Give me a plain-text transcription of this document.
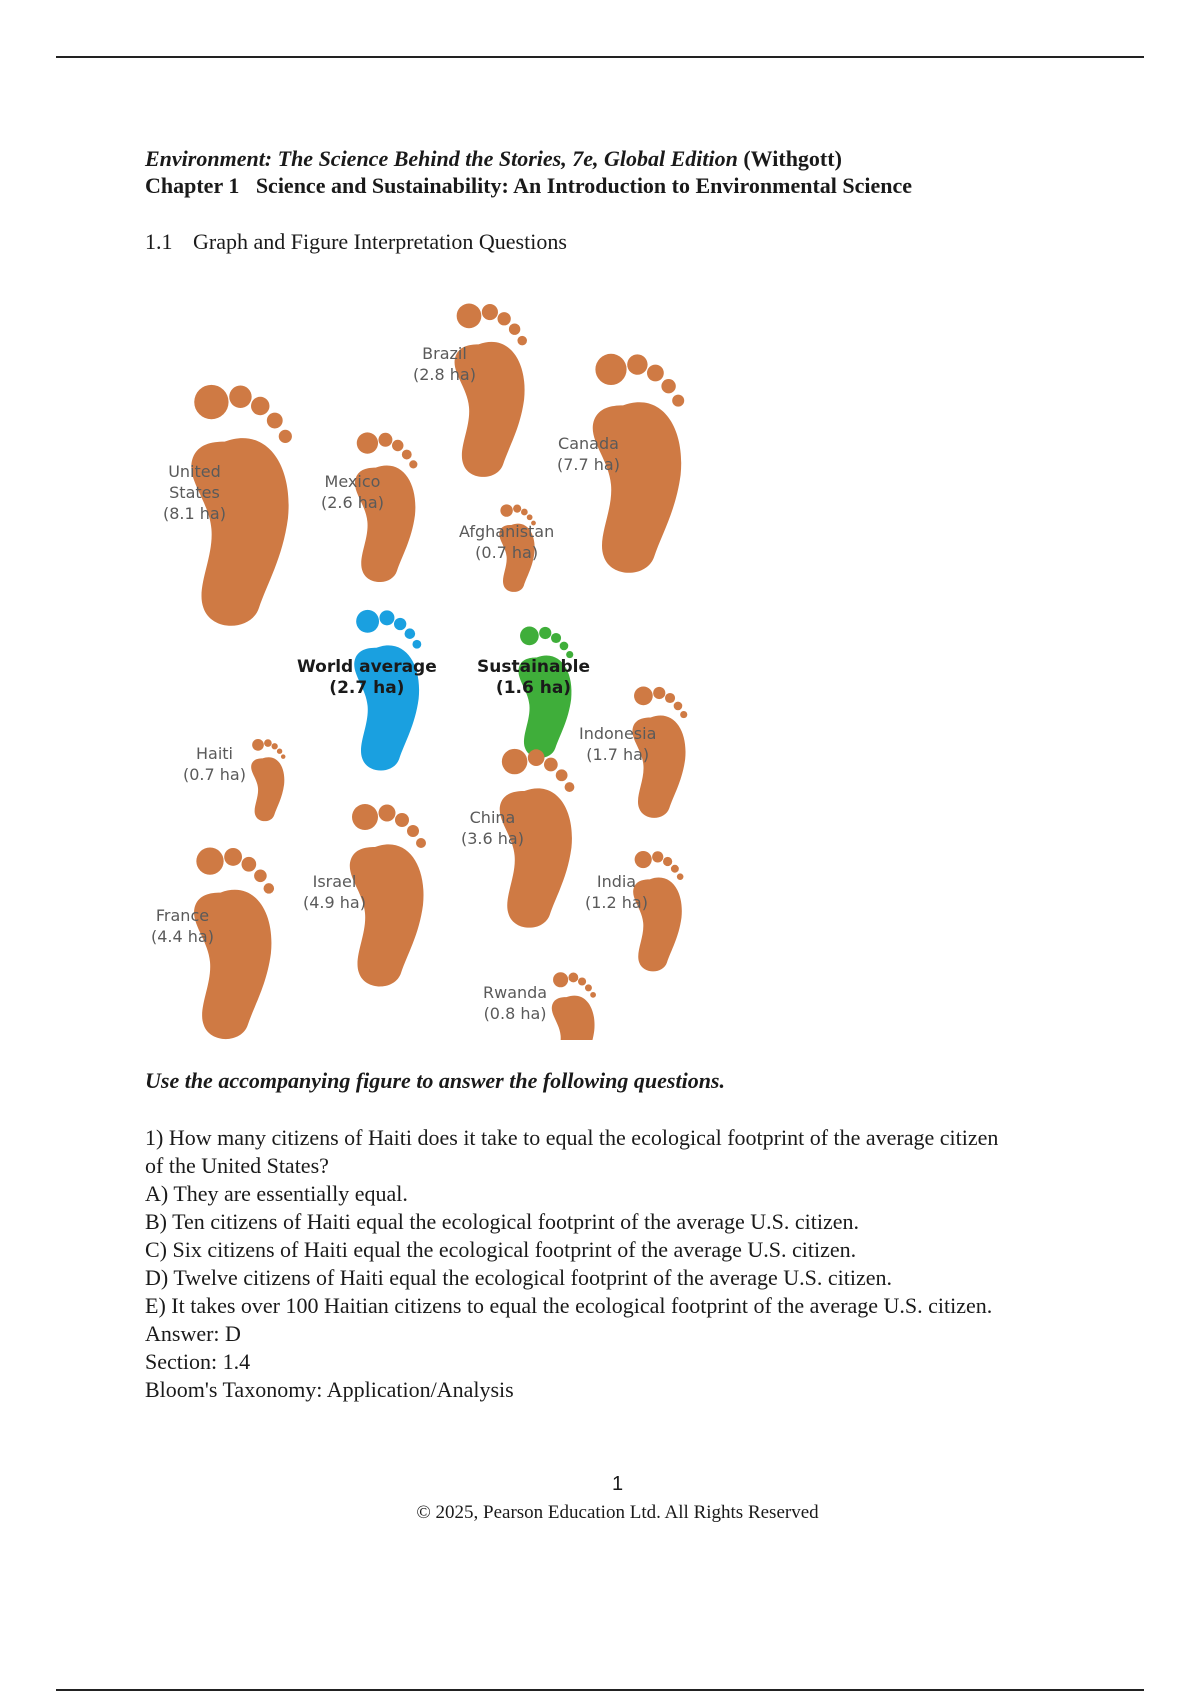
Environment: The Science Behind the Stories, 7e, Global Edition (Withgott)
Chapter 1   Science and Sustainability: An Introduction to Environmental Science
1.1 Graph and Figure Interpretation Questions
Brazil
(2.8 ha)
Canada
(7.7 ha)
United
States
(8.1 ha)
Mexico
(2.6 ha)
Afghanistan
(0.7 ha)
World average
(2.7 ha)
Sustainable
(1.6 ha)
Indonesia
(1.7 ha)
Haiti
(0.7 ha)
China
(3.6 ha)
Israel
(4.9 ha)
India
(1.2 ha)
France
(4.4 ha)
Rwanda
(0.8 ha)
Use the accompanying figure to answer the following questions.
1) How many citizens of Haiti does it take to equal the ecological footprint of the average citizen
of the United States?
A) They are essentially equal.
B) Ten citizens of Haiti equal the ecological footprint of the average U.S. citizen.
C) Six citizens of Haiti equal the ecological footprint of the average U.S. citizen.
D) Twelve citizens of Haiti equal the ecological footprint of the average U.S. citizen.
E) It takes over 100 Haitian citizens to equal the ecological footprint of the average U.S. citizen.
Answer: D
Section: 1.4
Bloom's Taxonomy: Application/Analysis
1
© 2025, Pearson Education Ltd. All Rights Reserved
